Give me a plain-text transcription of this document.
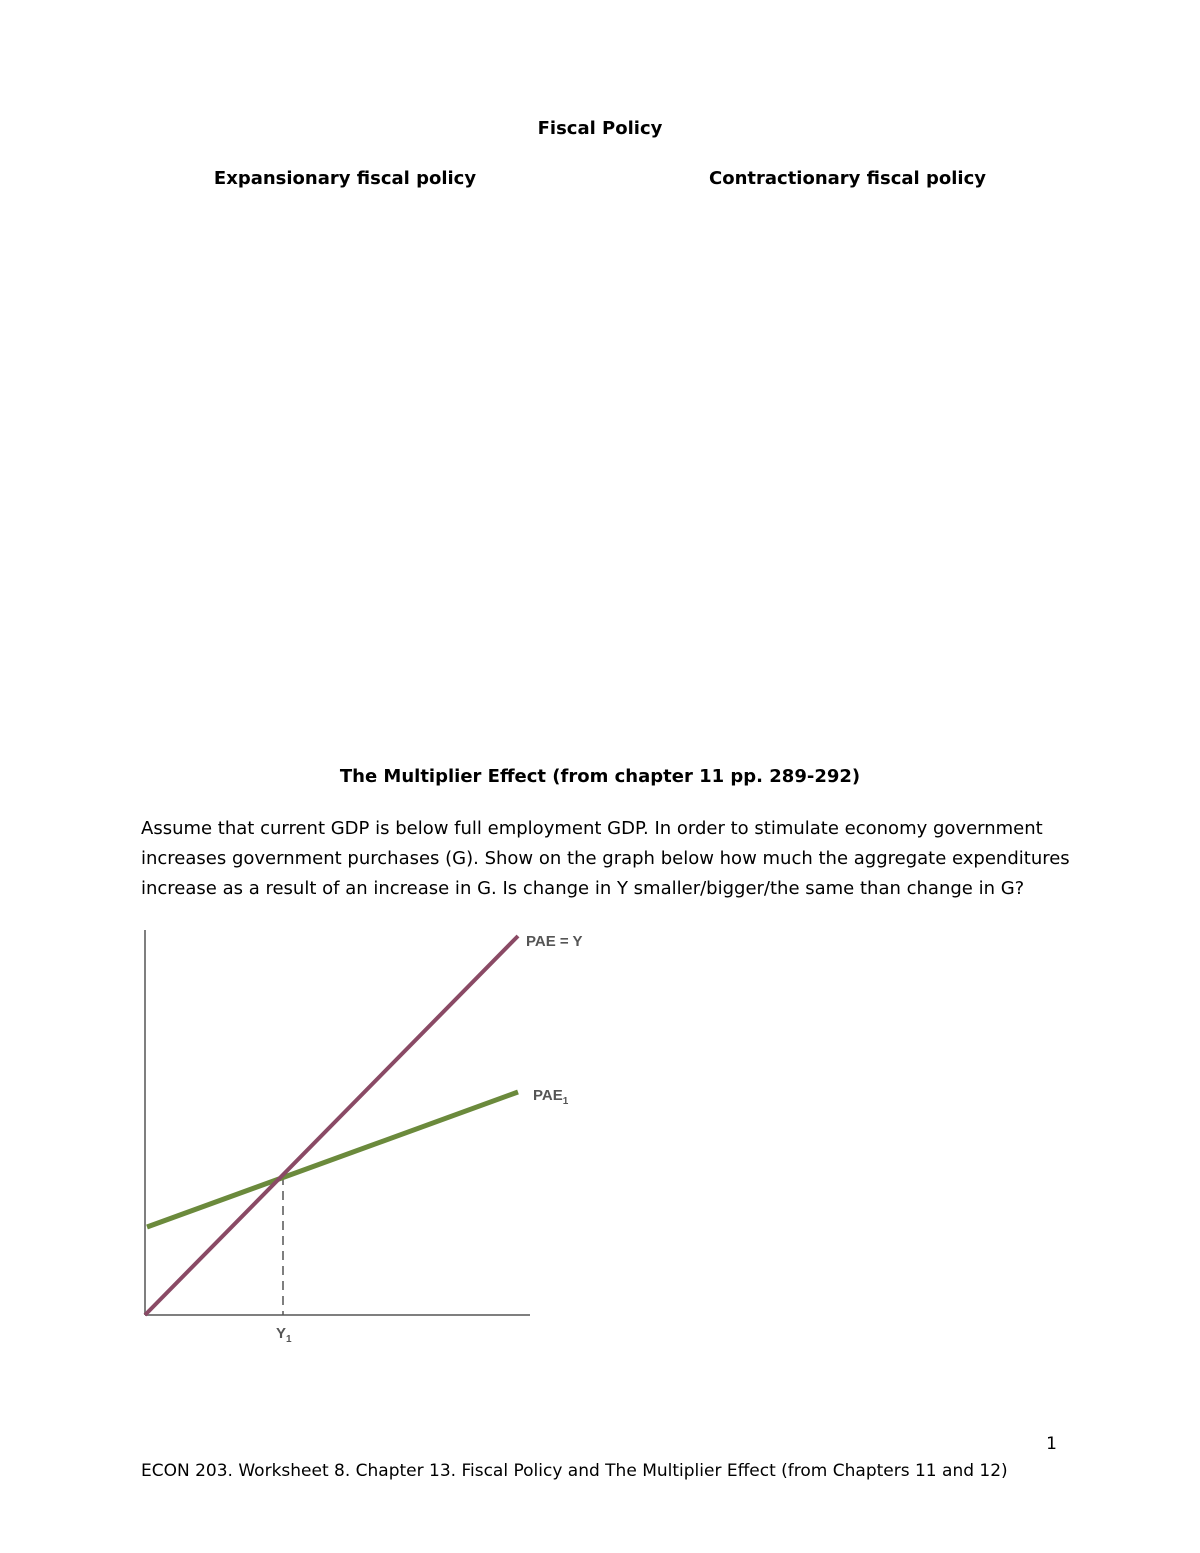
Fiscal Policy
Expansionary fiscal policy	Contractionary fiscal policy
The Multiplier Effect (from chapter 11 pp. 289-292)
Assume that current GDP is below full employment GDP. In order to stimulate economy government
increases government purchases (G). Show on the graph below how much the aggregate expenditures
increase as a result of an increase in G. Is change in Y smaller/bigger/the same than change in G?
PAE = Y
$PAE_1$
$Y_1$
1
ECON 203. Worksheet 8. Chapter 13. Fiscal Policy and The Multiplier Effect (from Chapters 11 and 12)
